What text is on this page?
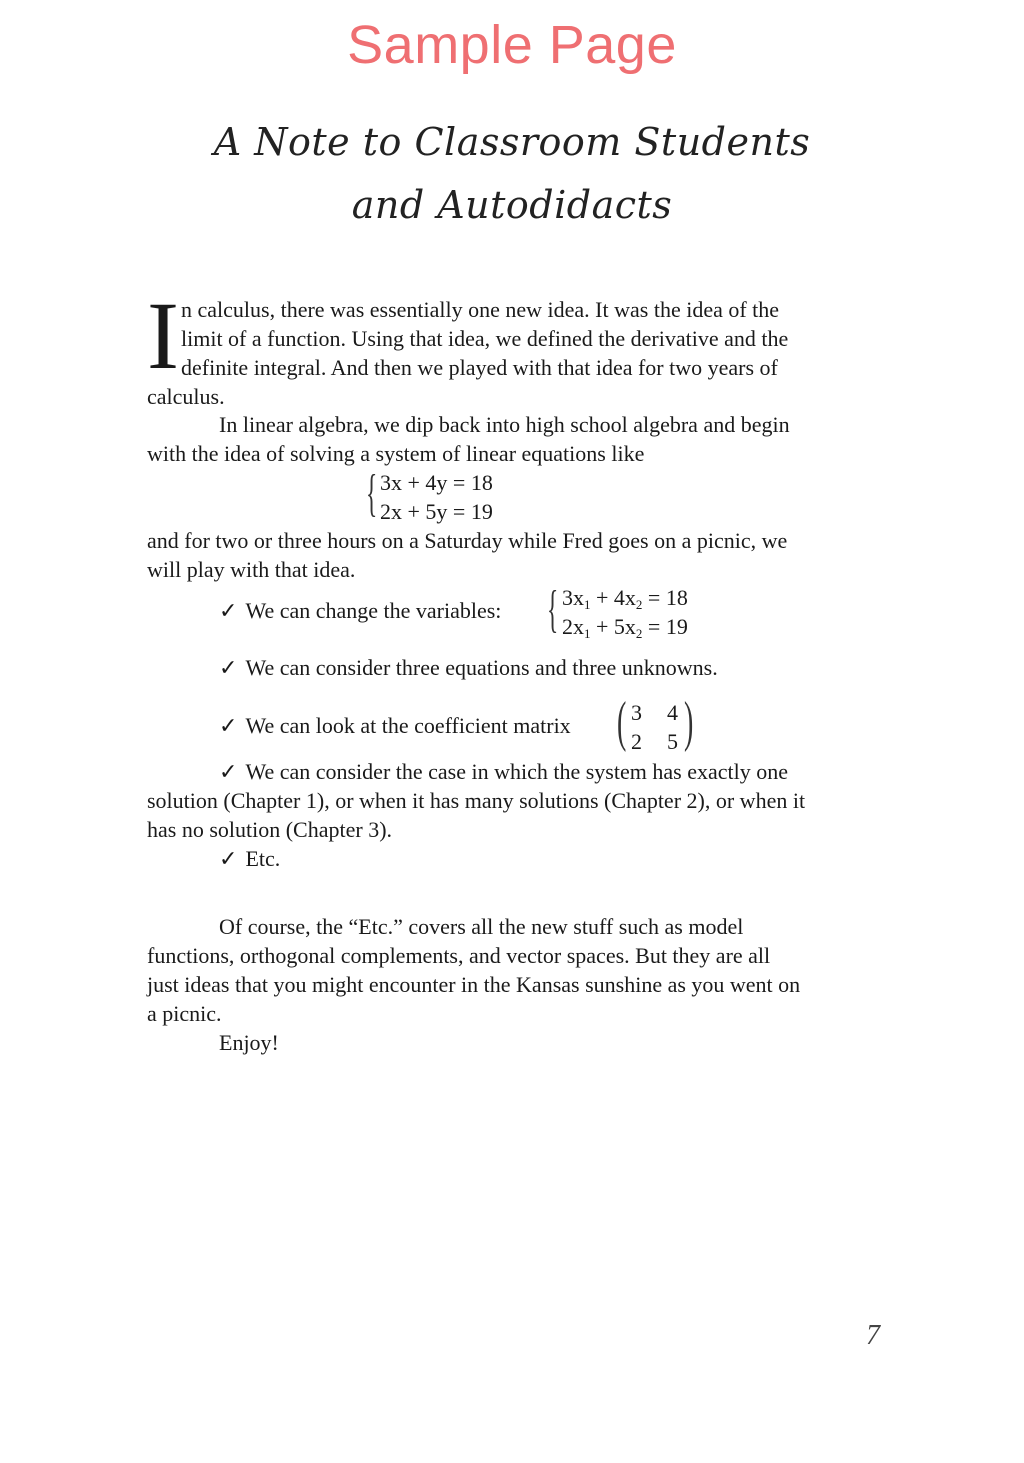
Sample Page
A Note to Classroom Students
and Autodidacts
I n calculus, there was essentially one new idea. It was the idea of the
limit of a function. Using that idea, we defined the derivative and the
definite integral. And then we played with that idea for two years of
calculus.
In linear algebra, we dip back into high school algebra and begin
with the idea of solving a system of linear equations like
{ 3x + 4y = 18
2x + 5y = 19
and for two or three hours on a Saturday while Fred goes on a picnic, we
will play with that idea.
✓ We can change the variables: { $3x_1 + 4x_2 = 18$
$2x_1 + 5x_2 = 19$
✓ We can consider three equations and three unknowns.
✓ We can look at the coefficient matrix ( 3 4
2 5 )
✓ We can consider the case in which the system has exactly one
solution (Chapter 1), or when it has many solutions (Chapter 2), or when it
has no solution (Chapter 3).
✓ Etc.
Of course, the “Etc.” covers all the new stuff such as model
functions, orthogonal complements, and vector spaces. But they are all
just ideas that you might encounter in the Kansas sunshine as you went on
a picnic.
Enjoy!
7
